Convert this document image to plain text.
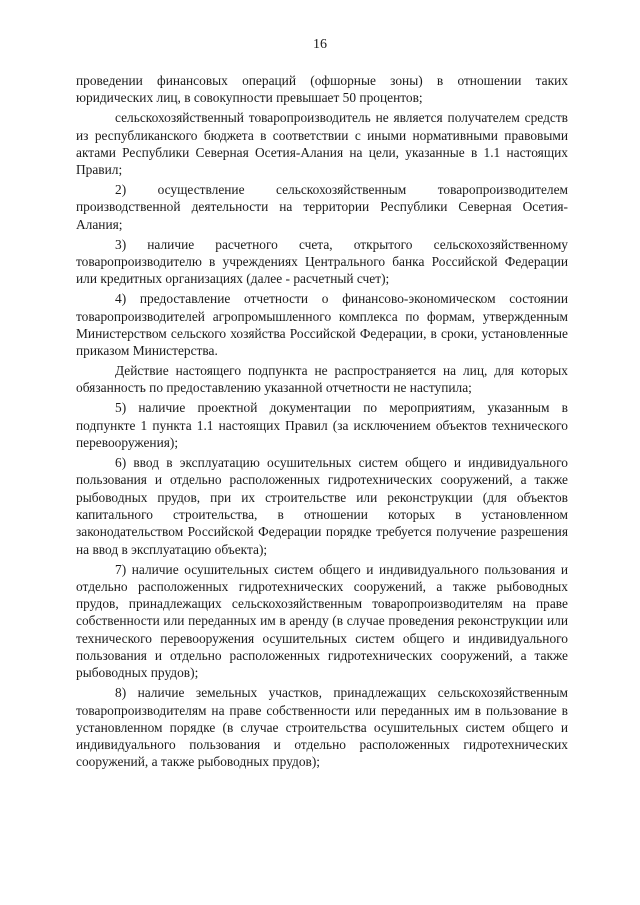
16

проведении финансовых операций (офшорные зоны) в отношении таких юридических лиц, в совокупности превышает 50 процентов;

сельскохозяйственный товаропроизводитель не является получателем средств из республиканского бюджета в соответствии с иными нормативными правовыми актами Республики Северная Осетия-Алания на цели, указанные в 1.1 настоящих Правил;

2) осуществление сельскохозяйственным товаропроизводителем производственной деятельности на территории Республики Северная Осетия-Алания;

3) наличие расчетного счета, открытого сельскохозяйственному товаропроизводителю в учреждениях Центрального банка Российской Федерации или кредитных организациях (далее - расчетный счет);

4) предоставление отчетности о финансово-экономическом состоянии товаропроизводителей агропромышленного комплекса по формам, утвержденным Министерством сельского хозяйства Российской Федерации, в сроки, установленные приказом Министерства.

Действие настоящего подпункта не распространяется на лиц, для которых обязанность по предоставлению указанной отчетности не наступила;

5) наличие проектной документации по мероприятиям, указанным в подпункте 1 пункта 1.1 настоящих Правил (за исключением объектов технического перевооружения);

6) ввод в эксплуатацию осушительных систем общего и индивидуального пользования и отдельно расположенных гидротехнических сооружений, а также рыбоводных прудов, при их строительстве или реконструкции (для объектов капитального строительства, в отношении которых в установленном законодательством Российской Федерации порядке требуется получение разрешения на ввод в эксплуатацию объекта);

7) наличие осушительных систем общего и индивидуального пользования и отдельно расположенных гидротехнических сооружений, а также рыбоводных прудов, принадлежащих сельскохозяйственным товаропроизводителям на праве собственности или переданных им в аренду (в случае проведения реконструкции или технического перевооружения осушительных систем общего и индивидуального пользования и отдельно расположенных гидротехнических сооружений, а также рыбоводных прудов);

8) наличие земельных участков, принадлежащих сельскохозяйственным товаропроизводителям на праве собственности или переданных им в пользование в установленном порядке (в случае строительства осушительных систем общего и индивидуального пользования и отдельно расположенных гидротехнических сооружений, а также рыбоводных прудов);
